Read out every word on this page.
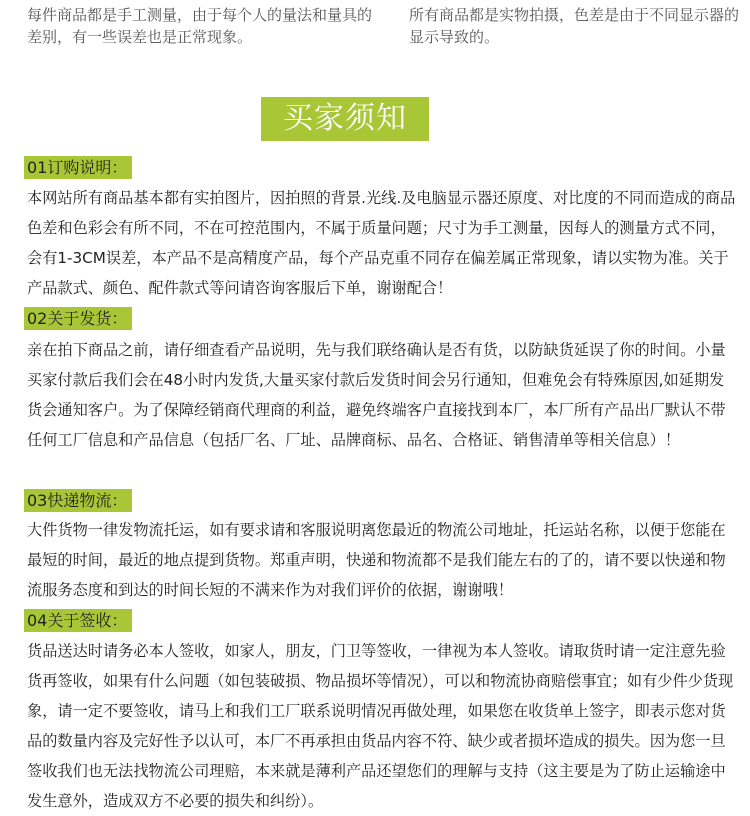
每件商品都是手工测量，由于每个人的量法和量具的差别，有一些误差也是正常现象。
所有商品都是实物拍摄，色差是由于不同显示器的显示导致的。
买家须知
01订购说明：

本网站所有商品基本都有实拍图片，因拍照的背景.光线.及电脑显示器还原度、对比度的不同而造成的商品色差和色彩会有所不同，不在可控范围内，不属于质量问题；尺寸为手工测量，因每人的测量方式不同，会有1-3CM误差，本产品不是高精度产品，每个产品克重不同存在偏差属正常现象，请以实物为准。关于产品款式、颜色、配件款式等问请咨询客服后下单，谢谢配合！

02关于发货：

亲在拍下商品之前，请仔细查看产品说明，先与我们联络确认是否有货，以防缺货延误了你的时间。小量买家付款后我们会在48小时内发货,大量买家付款后发货时间会另行通知，但难免会有特殊原因,如延期发货会通知客户。为了保障经销商代理商的利益，避免终端客户直接找到本厂，本厂所有产品出厂默认不带任何工厂信息和产品信息（包括厂名、厂址、品牌商标、品名、合格证、销售清单等相关信息）！

03快递物流：

大件货物一律发物流托运，如有要求请和客服说明离您最近的物流公司地址，托运站名称，以便于您能在最短的时间，最近的地点提到货物。郑重声明，快递和物流都不是我们能左右的了的，请不要以快递和物流服务态度和到达的时间长短的不满来作为对我们评价的依据，谢谢哦！

04关于签收：

货品送达时请务必本人签收，如家人，朋友，门卫等签收，一律视为本人签收。请取货时请一定注意先验货再签收，如果有什么问题（如包装破损、物品损坏等情况），可以和物流协商赔偿事宜；如有少件少货现象，请一定不要签收，请马上和我们工厂联系说明情况再做处理，如果您在收货单上签字，即表示您对货品的数量内容及完好性予以认可，本厂不再承担由货品内容不符、缺少或者损坏造成的损失。因为您一旦签收我们也无法找物流公司理赔，本来就是薄利产品还望您们的理解与支持（这主要是为了防止运输途中发生意外，造成双方不必要的损失和纠纷）。
